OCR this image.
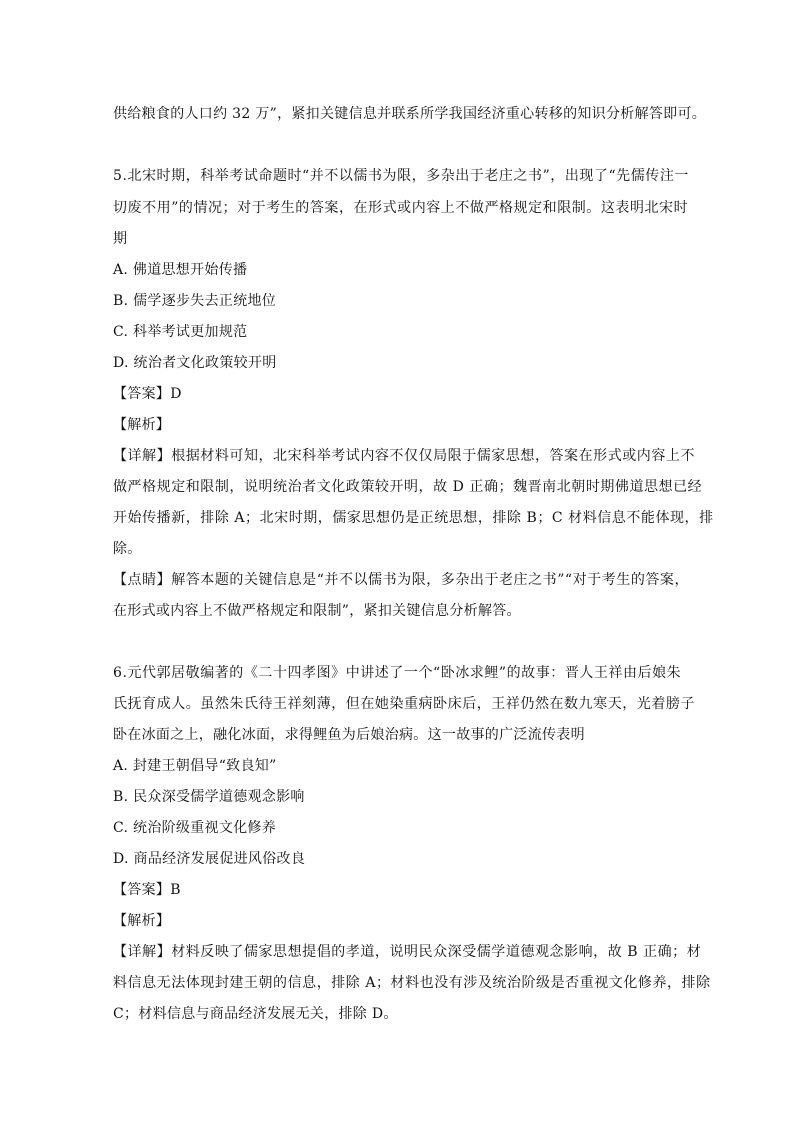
供给粮食的人口约 32 万”，紧扣关键信息并联系所学我国经济重心转移的知识分析解答即可。
5.北宋时期，科举考试命题时“并不以儒书为限，多杂出于老庄之书”，出现了“先儒传注一
切废不用”的情况；对于考生的答案，在形式或内容上不做严格规定和限制。这表明北宋时
期
A. 佛道思想开始传播
B. 儒学逐步失去正统地位
C. 科举考试更加规范
D. 统治者文化政策较开明
【答案】D
【解析】
【详解】根据材料可知，北宋科举考试内容不仅仅局限于儒家思想，答案在形式或内容上不
做严格规定和限制，说明统治者文化政策较开明，故 D 正确；魏晋南北朝时期佛道思想已经
开始传播新，排除 A；北宋时期，儒家思想仍是正统思想，排除 B；C 材料信息不能体现，排
除。
【点睛】解答本题的关键信息是“并不以儒书为限，多杂出于老庄之书”“对于考生的答案，
在形式或内容上不做严格规定和限制”，紧扣关键信息分析解答。
6.元代郭居敬编著的《二十四孝图》中讲述了一个“卧冰求鲤”的故事：晋人王祥由后娘朱
氏抚育成人。虽然朱氏待王祥刻薄，但在她染重病卧床后，王祥仍然在数九寒天，光着膀子
卧在冰面之上，融化冰面，求得鲤鱼为后娘治病。这一故事的广泛流传表明
A. 封建王朝倡导“致良知”
B. 民众深受儒学道德观念影响
C. 统治阶级重视文化修养
D. 商品经济发展促进风俗改良
【答案】B
【解析】
【详解】材料反映了儒家思想提倡的孝道，说明民众深受儒学道德观念影响，故 B 正确；材
料信息无法体现封建王朝的信息，排除 A；材料也没有涉及统治阶级是否重视文化修养，排除
C；材料信息与商品经济发展无关，排除 D。
